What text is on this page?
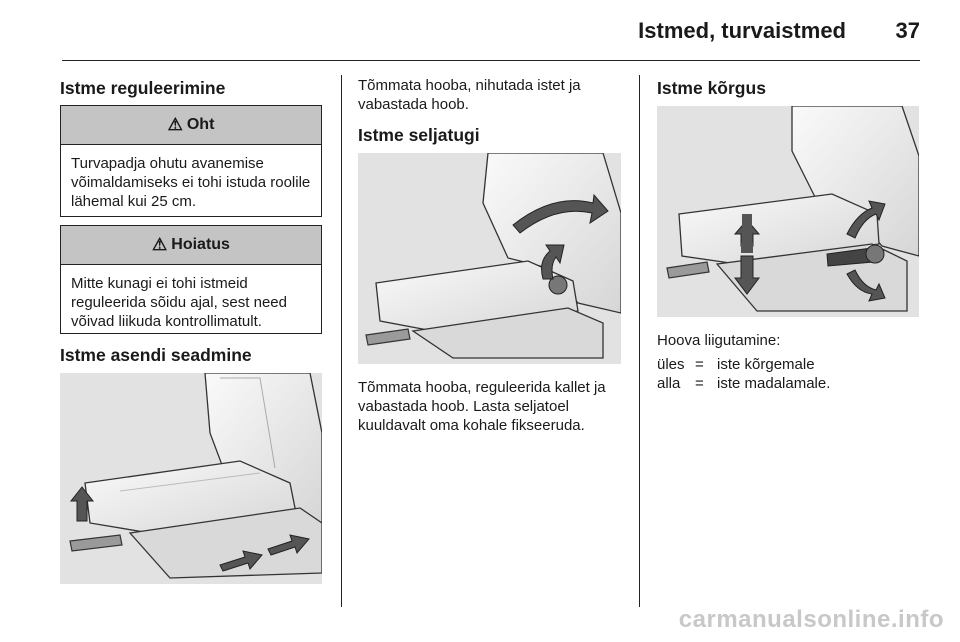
Istmed, turvaistmed	37
Istme reguleerimine
⚠ Oht
Turvapadja ohutu avanemise võimaldamiseks ei tohi istuda roolile lähemal kui 25 cm.
⚠ Hoiatus
Mitte kunagi ei tohi istmeid reguleerida sõidu ajal, sest need võivad liikuda kontrollimatult.
Istme asendi seadmine
Tõmmata hooba, nihutada istet ja vabastada hoob.
Istme seljatugi
Tõmmata hooba, reguleerida kallet ja vabastada hoob. Lasta seljatoel kuuldavalt oma kohale fikseeruda.
Istme kõrgus
Hoova liigutamine:
üles = iste kõrgemale
alla = iste madalamale.
carmanualsonline.info
